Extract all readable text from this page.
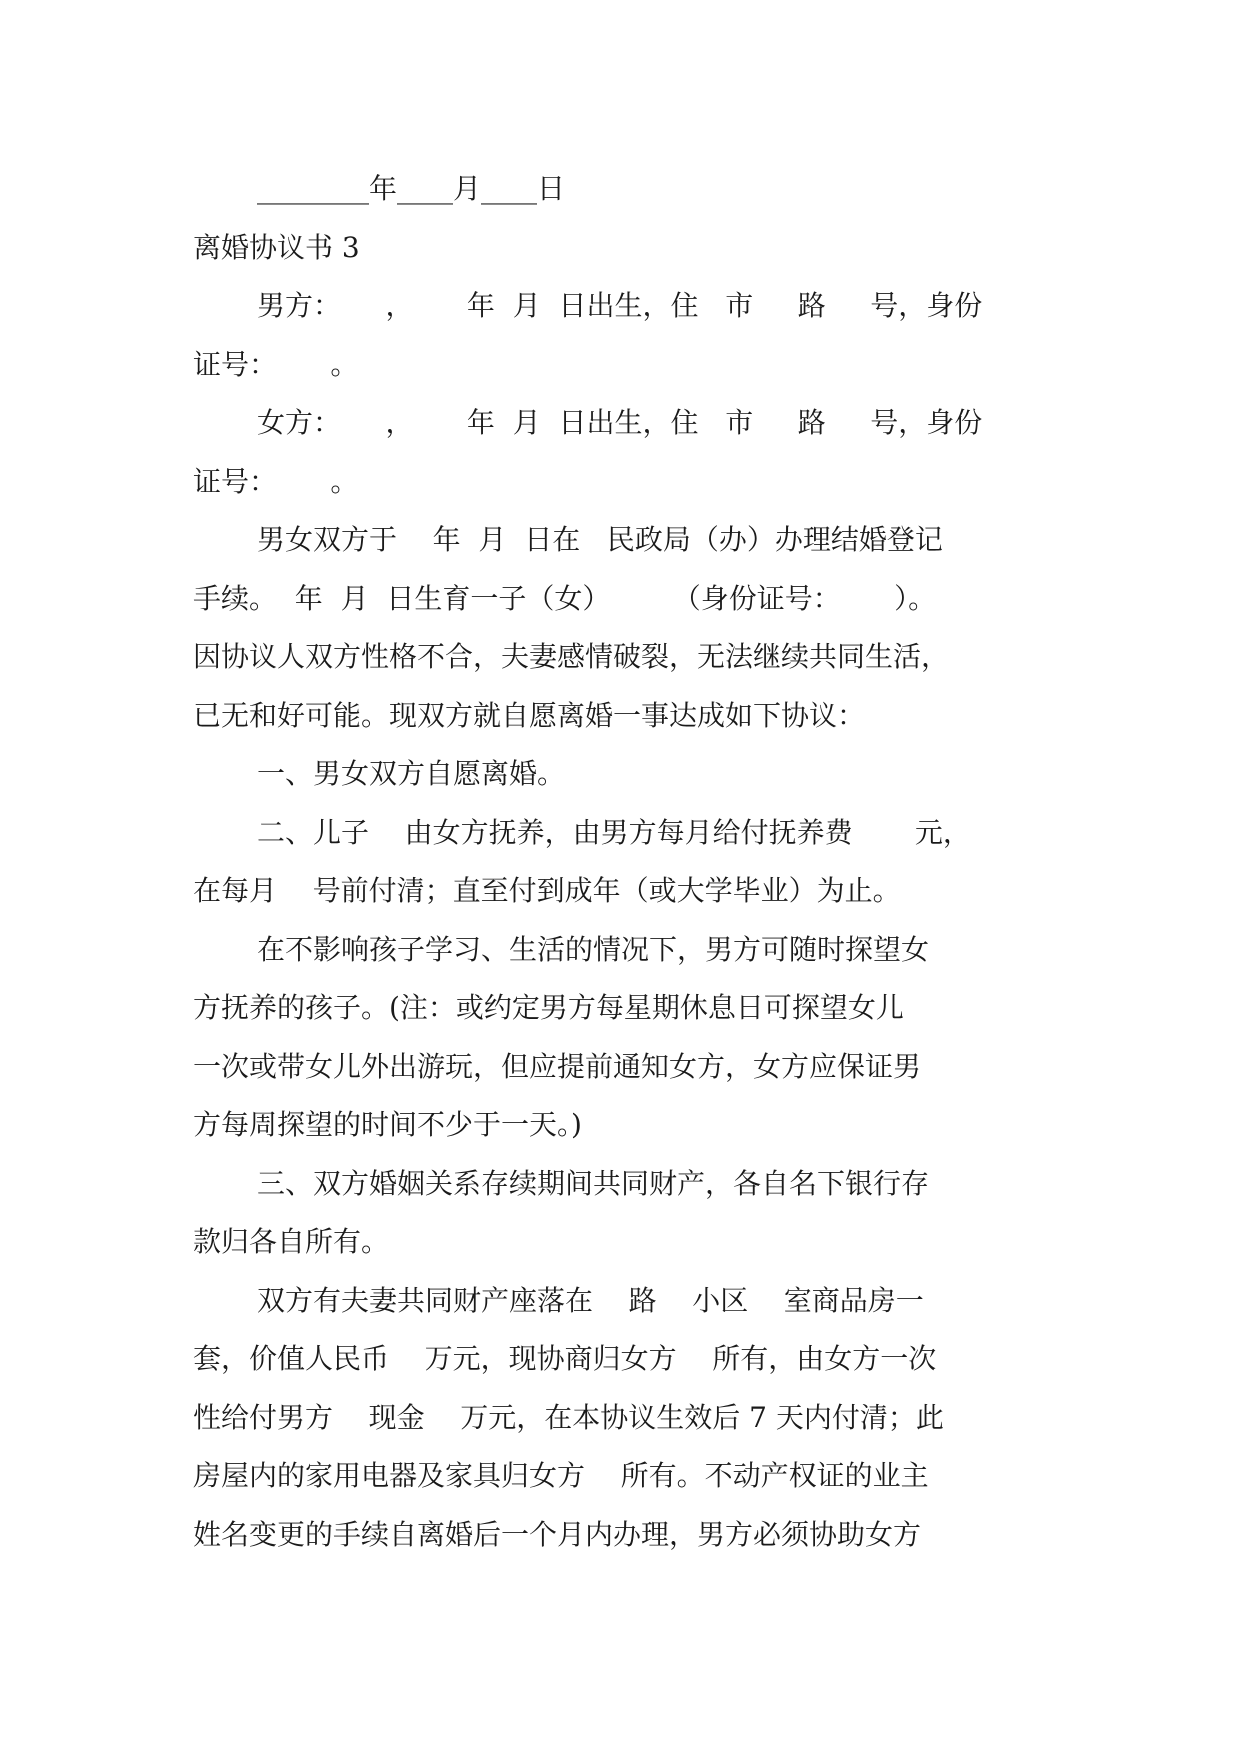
________年____月____日
离婚协议书 3
男方：     ，      年  月  日出生，住   市     路     号，身份
证号：      。
女方：     ，      年  月  日出生，住   市     路     号，身份
证号：      。
男女双方于    年  月  日在   民政局（办）办理结婚登记
手续。  年  月  日生育一子（女）       （身份证号：      ）。
因协议人双方性格不合，夫妻感情破裂，无法继续共同生活，
已无和好可能。现双方就自愿离婚一事达成如下协议：
一、男女双方自愿离婚。
二、儿子    由女方抚养，由男方每月给付抚养费       元，
在每月    号前付清；直至付到成年（或大学毕业）为止。
在不影响孩子学习、生活的情况下，男方可随时探望女
方抚养的孩子。(注：或约定男方每星期休息日可探望女儿
一次或带女儿外出游玩，但应提前通知女方，女方应保证男
方每周探望的时间不少于一天。)
三、双方婚姻关系存续期间共同财产，各自名下银行存
款归各自所有。
双方有夫妻共同财产座落在    路    小区    室商品房一
套，价值人民币    万元，现协商归女方    所有，由女方一次
性给付男方    现金    万元，在本协议生效后 7 天内付清；此
房屋内的家用电器及家具归女方    所有。不动产权证的业主
姓名变更的手续自离婚后一个月内办理，男方必须协助女方
